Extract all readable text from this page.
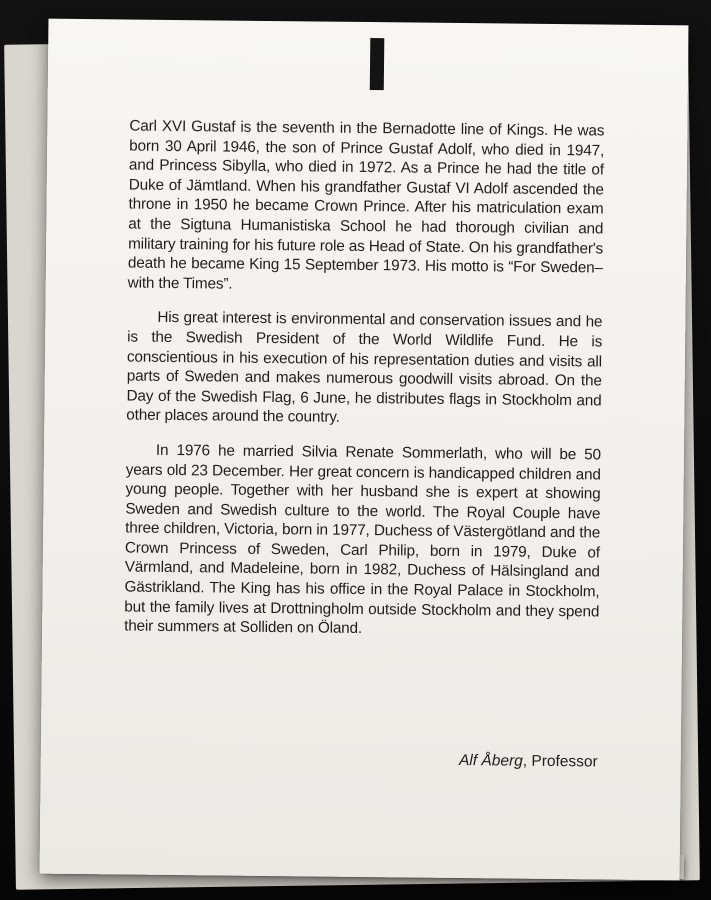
Carl XVI Gustaf is the seventh in the Bernadotte line of Kings. He was born 30 April 1946, the son of Prince Gustaf Adolf, who died in 1947, and Princess Sibylla, who died in 1972. As a Prince he had the title of Duke of Jämtland. When his grandfather Gustaf VI Adolf ascended the throne in 1950 he became Crown Prince. After his matriculation exam at the Sigtuna Humanistiska School he had thorough civilian and military training for his future role as Head of State. On his grandfather's death he became King 15 September 1973. His motto is “For Sweden–with the Times”.

His great interest is environmental and conservation issues and he is the Swedish President of the World Wildlife Fund. He is conscientious in his execution of his representation duties and visits all parts of Sweden and makes numerous goodwill visits abroad. On the Day of the Swedish Flag, 6 June, he distributes flags in Stockholm and other places around the country.

In 1976 he married Silvia Renate Sommerlath, who will be 50 years old 23 December. Her great concern is handicapped children and young people. Together with her husband she is expert at showing Sweden and Swedish culture to the world. The Royal Couple have three children, Victoria, born in 1977, Duchess of Västergötland and the Crown Princess of Sweden, Carl Philip, born in 1979, Duke of Värmland, and Madeleine, born in 1982, Duchess of Hälsingland and Gästrikland. The King has his office in the Royal Palace in Stockholm, but the family lives at Drottningholm outside Stockholm and they spend their summers at Solliden on Öland.

Alf Åberg, Professor
